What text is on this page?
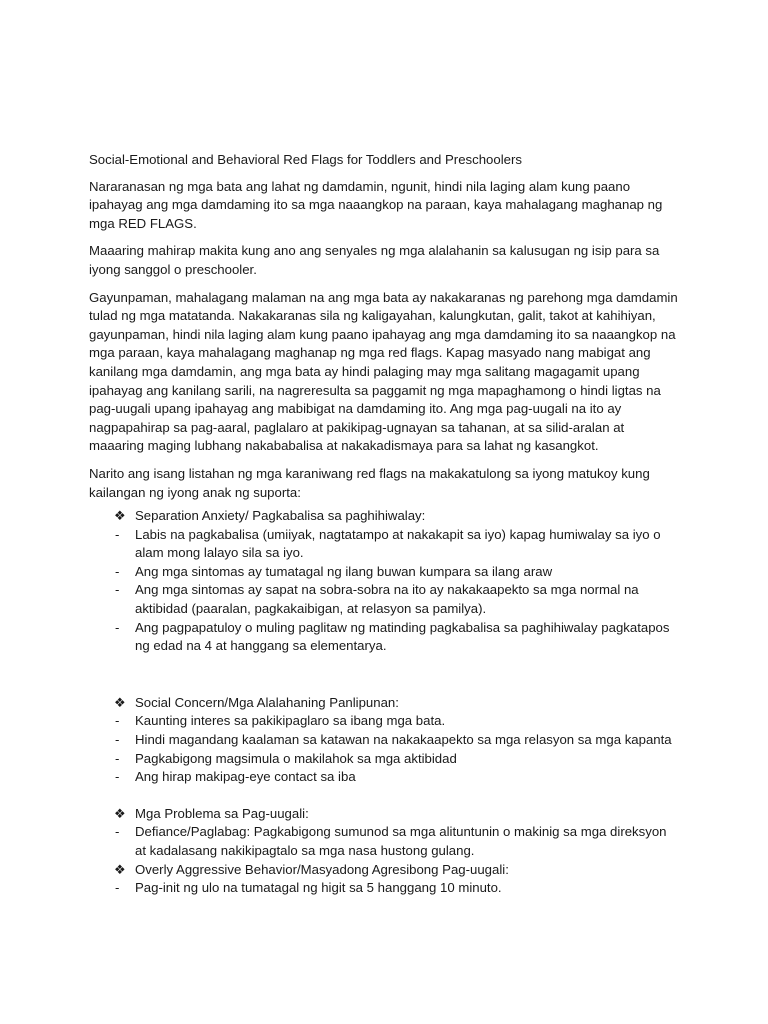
Social-Emotional and Behavioral Red Flags for Toddlers and Preschoolers

Nararanasan ng mga bata ang lahat ng damdamin, ngunit, hindi nila laging alam kung paano ipahayag ang mga damdaming ito sa mga naaangkop na paraan, kaya mahalagang maghanap ng mga RED FLAGS.

Maaaring mahirap makita kung ano ang senyales ng mga alalahanin sa kalusugan ng isip para sa iyong sanggol o preschooler.

Gayunpaman, mahalagang malaman na ang mga bata ay nakakaranas ng parehong mga damdamin tulad ng mga matatanda. Nakakaranas sila ng kaligayahan, kalungkutan, galit, takot at kahihiyan, gayunpaman, hindi nila laging alam kung paano ipahayag ang mga damdaming ito sa naaangkop na mga paraan, kaya mahalagang maghanap ng mga red flags. Kapag masyado nang mabigat ang kanilang mga damdamin, ang mga bata ay hindi palaging may mga salitang magagamit upang ipahayag ang kanilang sarili, na nagreresulta sa paggamit ng mga mapaghamong o hindi ligtas na pag-uugali upang ipahayag ang mabibigat na damdaming ito. Ang mga pag-uugali na ito ay nagpapahirap sa pag-aaral, paglalaro at pakikipag-ugnayan sa tahanan, at sa silid-aralan at maaaring maging lubhang nakababalisa at nakakadismaya para sa lahat ng kasangkot.

Narito ang isang listahan ng mga karaniwang red flags na makakatulong sa iyong matukoy kung kailangan ng iyong anak ng suporta:

❖ Separation Anxiety/ Pagkabalisa sa paghihiwalay:
-	Labis na pagkabalisa (umiiyak, nagtatampo at nakakapit sa iyo) kapag humiwalay sa iyo o alam mong lalayo sila sa iyo.
-	Ang mga sintomas ay tumatagal ng ilang buwan kumpara sa ilang araw
-	Ang mga sintomas ay sapat na sobra-sobra na ito ay nakakaapekto sa mga normal na aktibidad (paaralan, pagkakaibigan, at relasyon sa pamilya).
-	Ang pagpapatuloy o muling paglitaw ng matinding pagkabalisa sa paghihiwalay pagkatapos ng edad na 4 at hanggang sa elementarya.
❖ Social Concern/Mga Alalahaning Panlipunan:
-	Kaunting interes sa pakikipaglaro sa ibang mga bata.
-	Hindi magandang kaalaman sa katawan na nakakaapekto sa mga relasyon sa mga kapanta
-	Pagkabigong magsimula o makilahok sa mga aktibidad
-	Ang hirap makipag-eye contact sa iba
❖ Mga Problema sa Pag-uugali:
-	Defiance/Paglabag: Pagkabigong sumunod sa mga alituntunin o makinig sa mga direksyon at kadalasang nakikipagtalo sa mga nasa hustong gulang.
❖ Overly Aggressive Behavior/Masyadong Agresibong Pag-uugali:
-	Pag-init ng ulo na tumatagal ng higit sa 5 hanggang 10 minuto.
